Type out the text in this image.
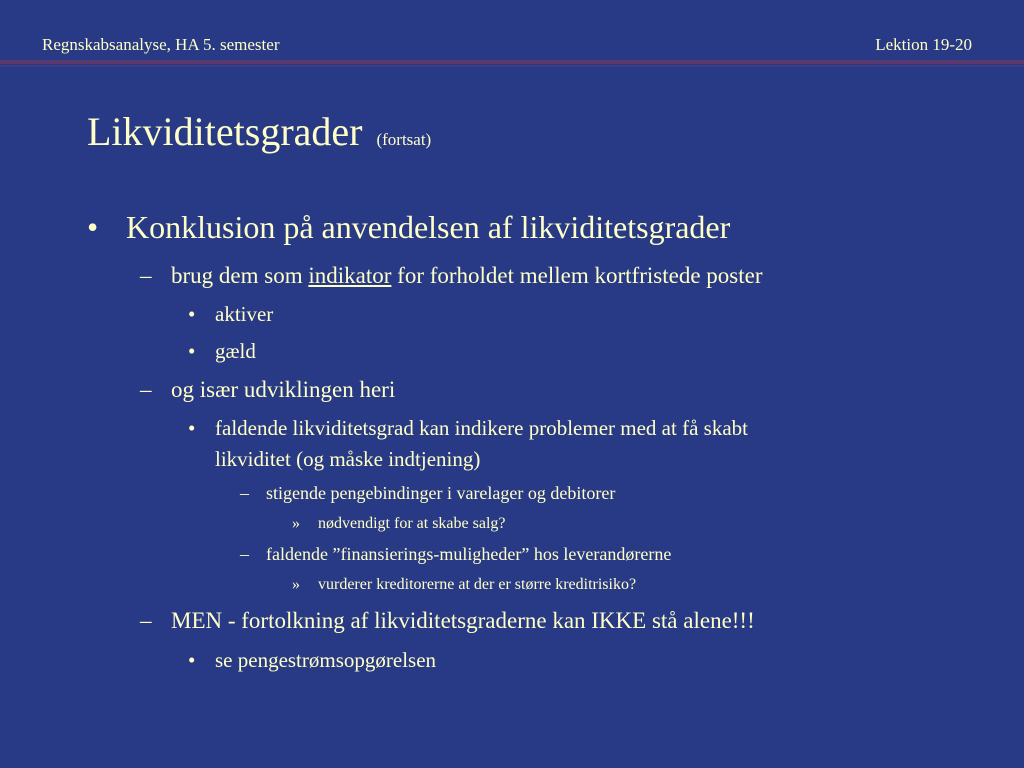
Regnskabsanalyse, HA 5. semester	Lektion 19-20
Likviditetsgrader (fortsat)
• Konklusion på anvendelsen af likviditetsgrader
– brug dem som indikator for forholdet mellem kortfristede poster
• aktiver
• gæld
– og især udviklingen heri
• faldende likviditetsgrad kan indikere problemer med at få skabt
likviditet (og måske indtjening)
– stigende pengebindinger i varelager og debitorer
» nødvendigt for at skabe salg?
– faldende ”finansierings-muligheder” hos leverandørerne
» vurderer kreditorerne at der er større kreditrisiko?
– MEN - fortolkning af likviditetsgraderne kan IKKE stå alene!!!
• se pengestrømsopgørelsen
